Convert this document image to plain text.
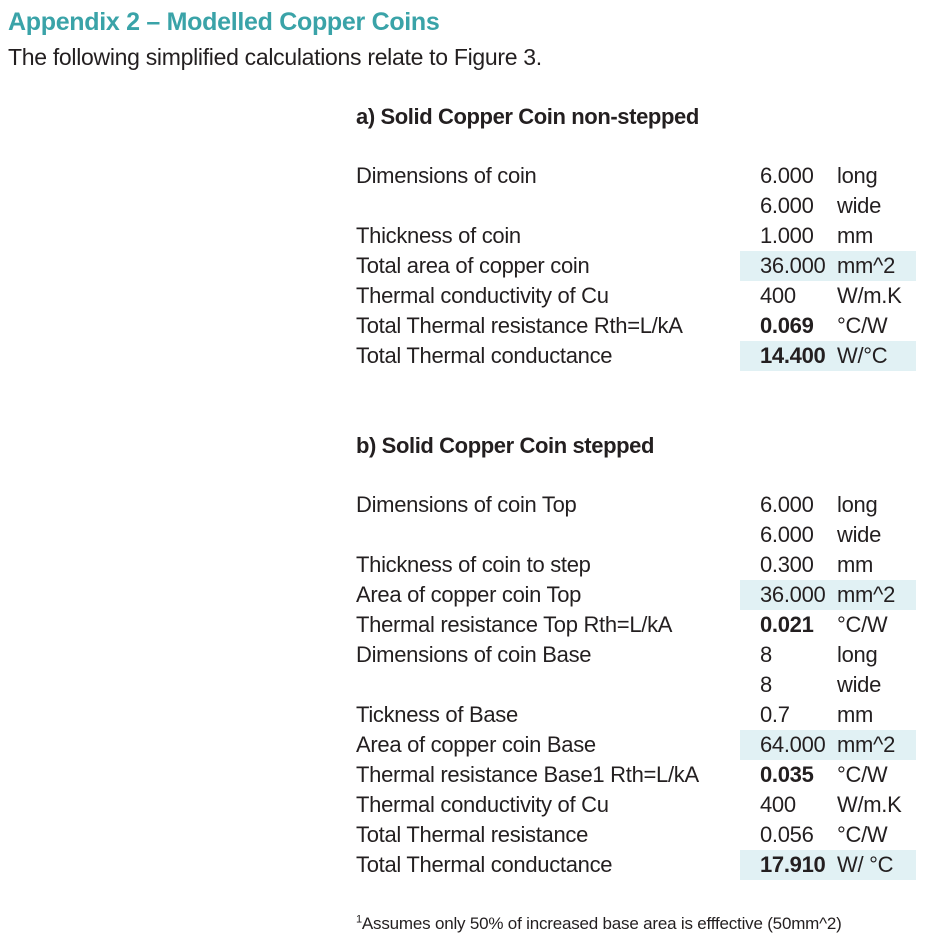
Appendix 2 – Modelled Copper Coins

The following simplified calculations relate to Figure 3.

a) Solid Copper Coin non-stepped
Dimensions of coin	6.000 long
6.000 wide
Thickness of coin	1.000 mm
Total area of copper coin	36.000 mm^2
Thermal conductivity of Cu	400 W/m.K
Total Thermal resistance Rth=L/kA	0.069 °C/W
Total Thermal conductance	14.400 W/°C
b) Solid Copper Coin stepped
Dimensions of coin Top	6.000 long
6.000 wide
Thickness of coin to step	0.300 mm
Area of copper coin Top	36.000 mm^2
Thermal resistance Top Rth=L/kA	0.021 °C/W
Dimensions of coin Base	8	long
8	wide
Tickness of Base	0.7 mm
Area of copper coin Base	64.000 mm^2
Thermal resistance Base1 Rth=L/kA	0.035 °C/W
Thermal conductivity of Cu	400 W/m.K
Total Thermal resistance	0.056 °C/W
Total Thermal conductance	17.910 W/ °C

$^1$Assumes only 50% of increased base area is efffective (50mm^2)
